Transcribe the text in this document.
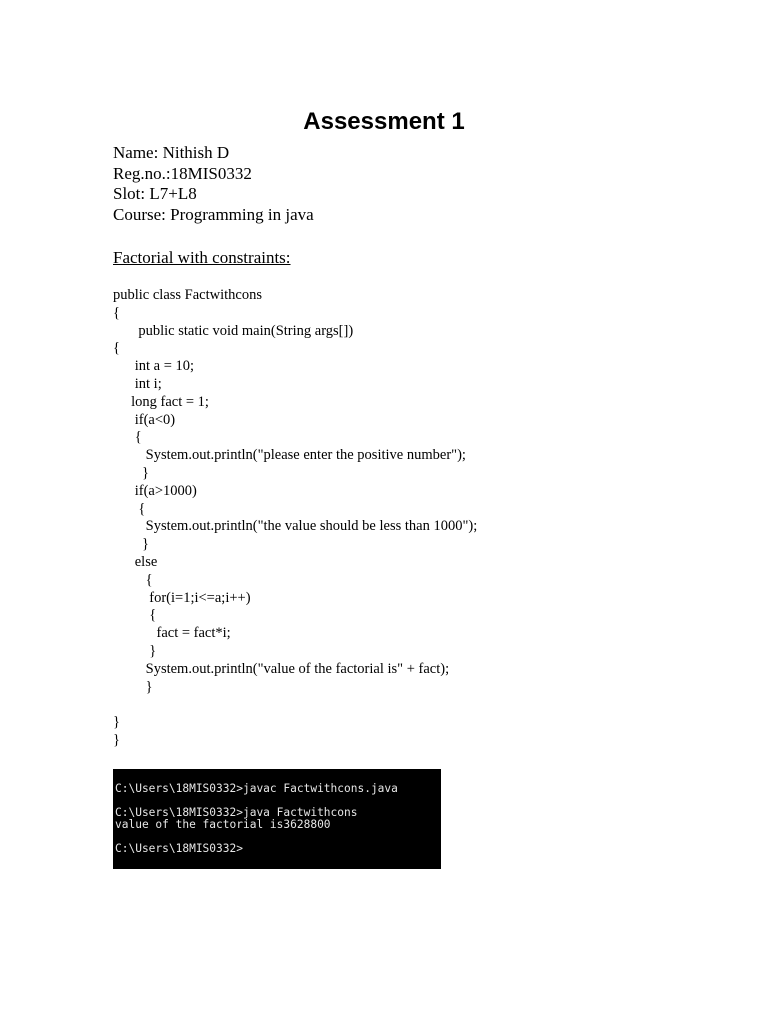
Assessment 1
Name: Nithish D
Reg.no.:18MIS0332
Slot: L7+L8
Course: Programming in java
Factorial with constraints:
public class Factwithcons
{
public static void main(String args[])
{
int a = 10;
int i;
long fact = 1;
if(a<0)
{
System.out.println("please enter the positive number");
}
if(a>1000)
{
System.out.println("the value should be less than 1000");
}
else
{
for(i=1;i<=a;i++)
{
fact = fact*i;
}
System.out.println("value of the factorial is" + fact);
}
}
}
C:\Users\18MIS0332>javac Factwithcons.java
C:\Users\18MIS0332>java Factwithcons
value of the factorial is3628800
C:\Users\18MIS0332>
